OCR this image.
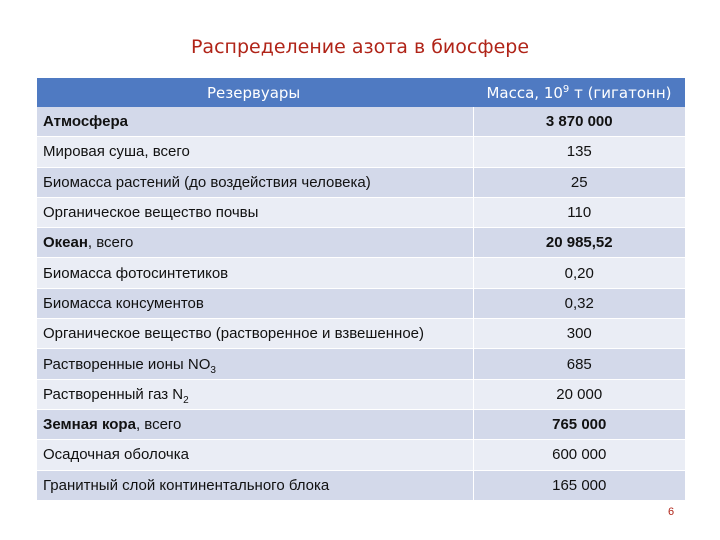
Распределение азота в биосфере
Резервуары	Масса, $10^9$ т (гигатонн)
Атмосфера	3 870 000
Мировая суша, всего	135
Биомасса растений (до воздействия человека)	25
Органическое вещество почвы	110
Океан, всего	20 985,52
Биомасса фотосинтетиков	0,20
Биомасса консументов	0,32
Органическое вещество (растворенное и взвешенное)	300
Растворенные ионы $NO_3$	685
Растворенный газ $N_2$	20 000
Земная кора, всего	765 000
Осадочная оболочка	600 000
Гранитный слой континентального блока	165 000
6
